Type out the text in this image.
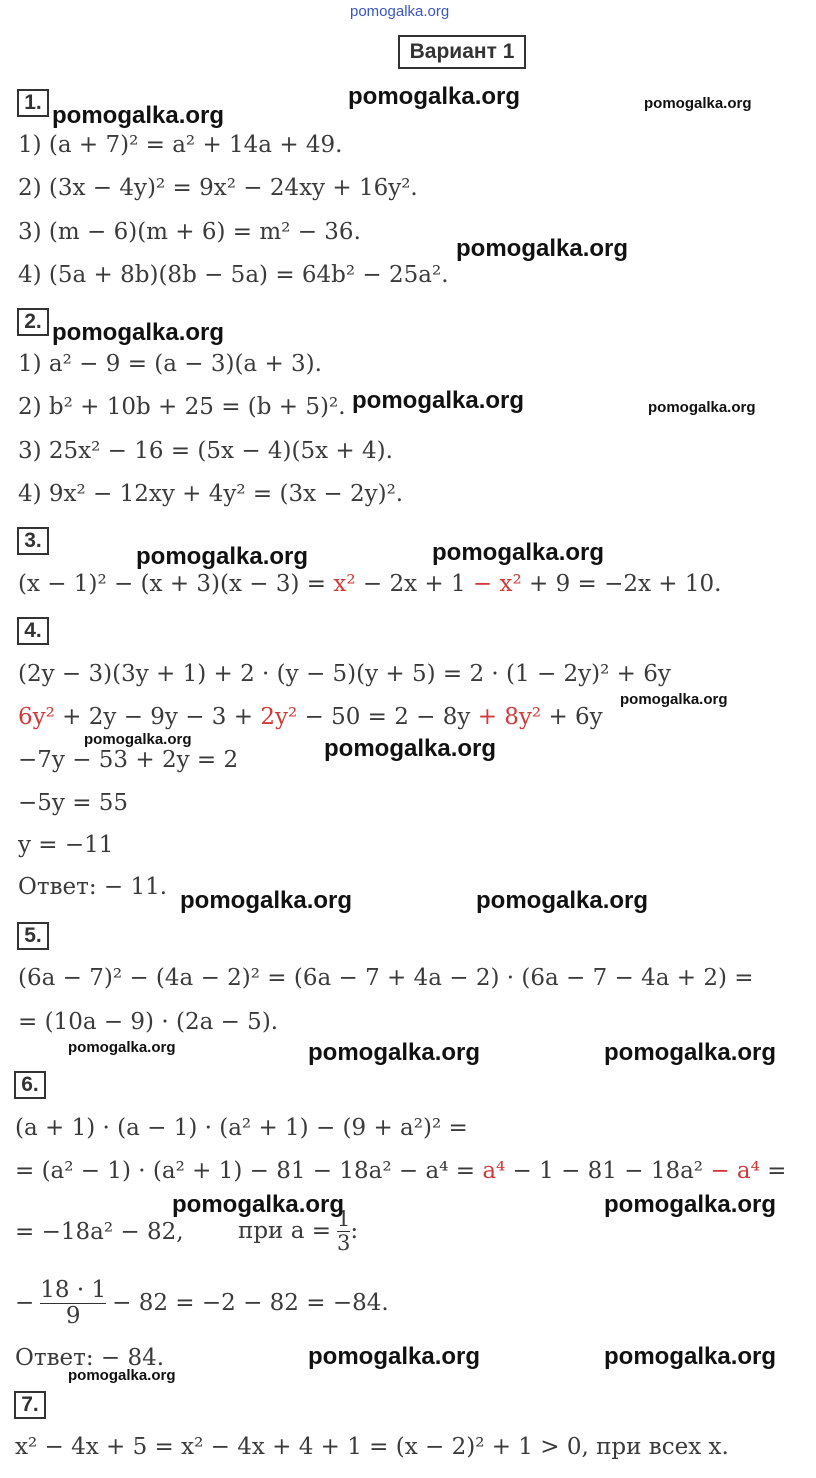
pomogalka.org
Вариант 1
1.
1) (a + 7)² = a² + 14a + 49.
2) (3x − 4y)² = 9x² − 24xy + 16y².
3) (m − 6)(m + 6) = m² − 36.
4) (5a + 8b)(8b − 5a) = 64b² − 25a².
2.
1) a² − 9 = (a − 3)(a + 3).
2) b² + 10b + 25 = (b + 5)².
3) 25x² − 16 = (5x − 4)(5x + 4).
4) 9x² − 12xy + 4y² = (3x − 2y)².
3.
(x − 1)² − (x + 3)(x − 3) = x² − 2x + 1 − x² + 9 = −2x + 10.
4.
(2y − 3)(3y + 1) + 2 · (y − 5)(y + 5) = 2 · (1 − 2y)² + 6y
6y² + 2y − 9y − 3 + 2y² − 50 = 2 − 8y + 8y² + 6y
−7y − 53 + 2y = 2
−5y = 55
y = −11
Ответ: − 11.
5.
(6a − 7)² − (4a − 2)² = (6a − 7 + 4a − 2) · (6a − 7 − 4a + 2) =
= (10a − 9) · (2a − 5).
6.
(a + 1) · (a − 1) · (a² + 1) − (9 + a²)² =
= (a² − 1) · (a² + 1) − 81 − 18a² − a⁴ = a⁴ − 1 − 81 − 18a² − a⁴ =
= −18a² − 82, при $a = \frac{1}{3}$ :
− $\frac{18 \cdot 1}{9} - 82 = -2 - 82 = -84$.
Ответ: − 84.
7.
x² − 4x + 5 = x² − 4x + 4 + 1 = (x − 2)² + 1 > 0, при всех x.
pomogalka.org
pomogalka.org	pomogalka.org
pomogalka.org
pomogalka.org
pomogalka.org	pomogalka.org
pomogalka.org	pomogalka.org
pomogalka.org
pomogalka.org	pomogalka.org
pomogalka.org	pomogalka.org
pomogalka.org	pomogalka.org	pomogalka.org
pomogalka.org	pomogalka.org
pomogalka.org	pomogalka.org
pomogalka.org
